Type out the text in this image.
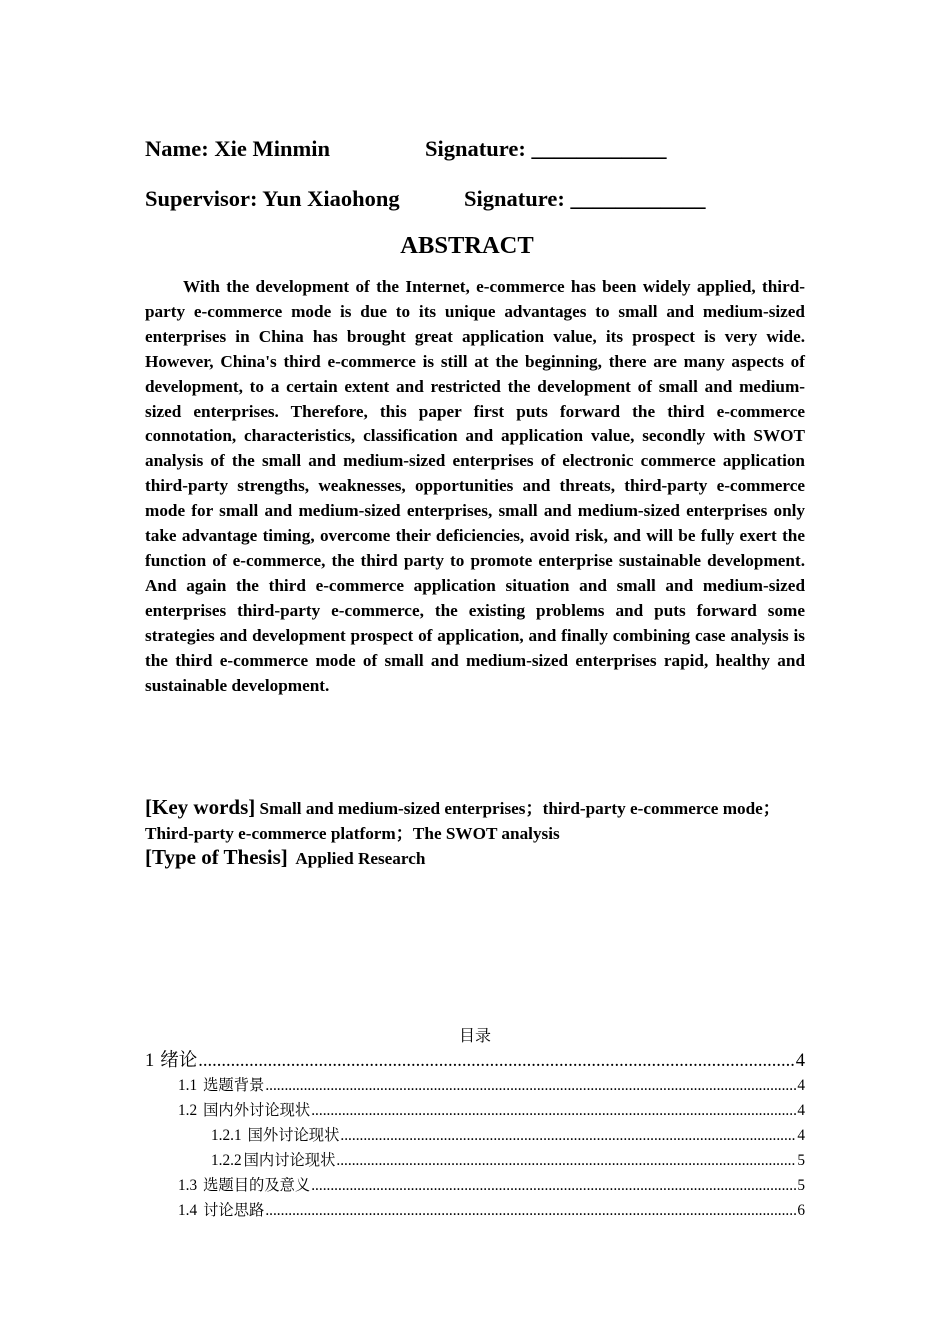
Name: Xie Minmin	Signature: ____________
Supervisor: Yun Xiaohong	Signature: ____________
ABSTRACT
With the development of the Internet, e-commerce has been widely applied, third-party e-commerce mode is due to its unique advantages to small and medium-sized enterprises in China has brought great application value, its prospect is very wide. However, China's third e-commerce is still at the beginning, there are many aspects of development, to a certain extent and restricted the development of small and medium-sized enterprises. Therefore, this paper first puts forward the third e-commerce connotation, characteristics, classification and application value, secondly with SWOT analysis of the small and medium-sized enterprises of electronic commerce application third-party strengths, weaknesses, opportunities and threats, third-party e-commerce mode for small and medium-sized enterprises, small and medium-sized enterprises only take advantage timing, overcome their deficiencies, avoid risk, and will be fully exert the function of e-commerce, the third party to promote enterprise sustainable development. And again the third e-commerce application situation and small and medium-sized enterprises third-party e-commerce, the existing problems and puts forward some strategies and development prospect of application, and finally combining case analysis is the third e-commerce mode of small and medium-sized enterprises rapid, healthy and sustainable development.
[Key words] Small and medium-sized enterprises；third-party e-commerce mode；Third-party e-commerce platform；The SWOT analysis
[Type of Thesis]  Applied Research
目录
1 绪论 .....	4
1.1 选题背景 .....	4
1.2 国内外讨论现状 .....	4
1.2.1 国外讨论现状 .....	4
1.2.2 国内讨论现状 .....	5
1.3 选题目的及意义 .....	5
1.4 讨论思路 .....	6
